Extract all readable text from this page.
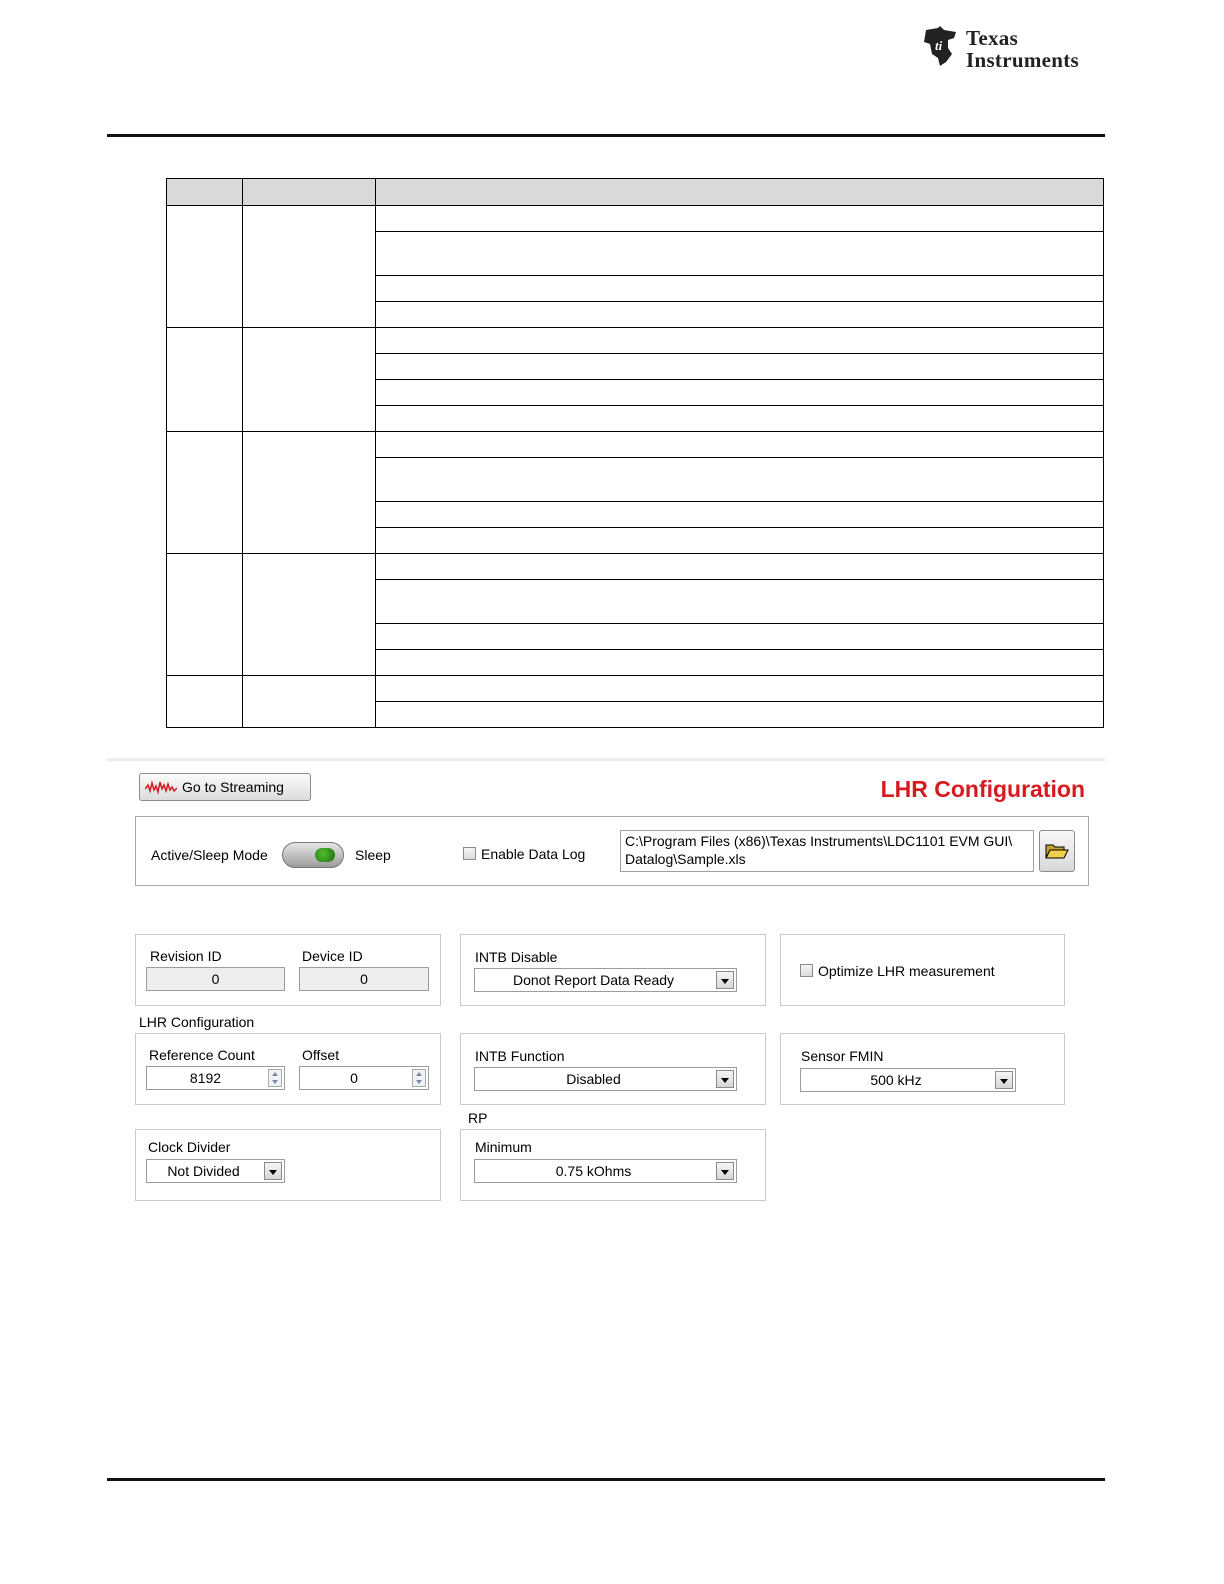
ti Texas
Instruments
Go to Streaming	LHR Configuration
Active/Sleep Mode	Sleep	Enable Data Log
C:\Program Files (x86)\Texas Instruments\LDC1101 EVM GUI\
Datalog\Sample.xls
Revision ID
0
Device ID
0
INTB Disable
Donot Report Data Ready
Optimize LHR measurement
LHR Configuration
Reference Count
8192
Offset
0
INTB Function
Disabled
Sensor FMIN
500 kHz
RP
Clock Divider
Not Divided
Minimum
0.75 kOhms
